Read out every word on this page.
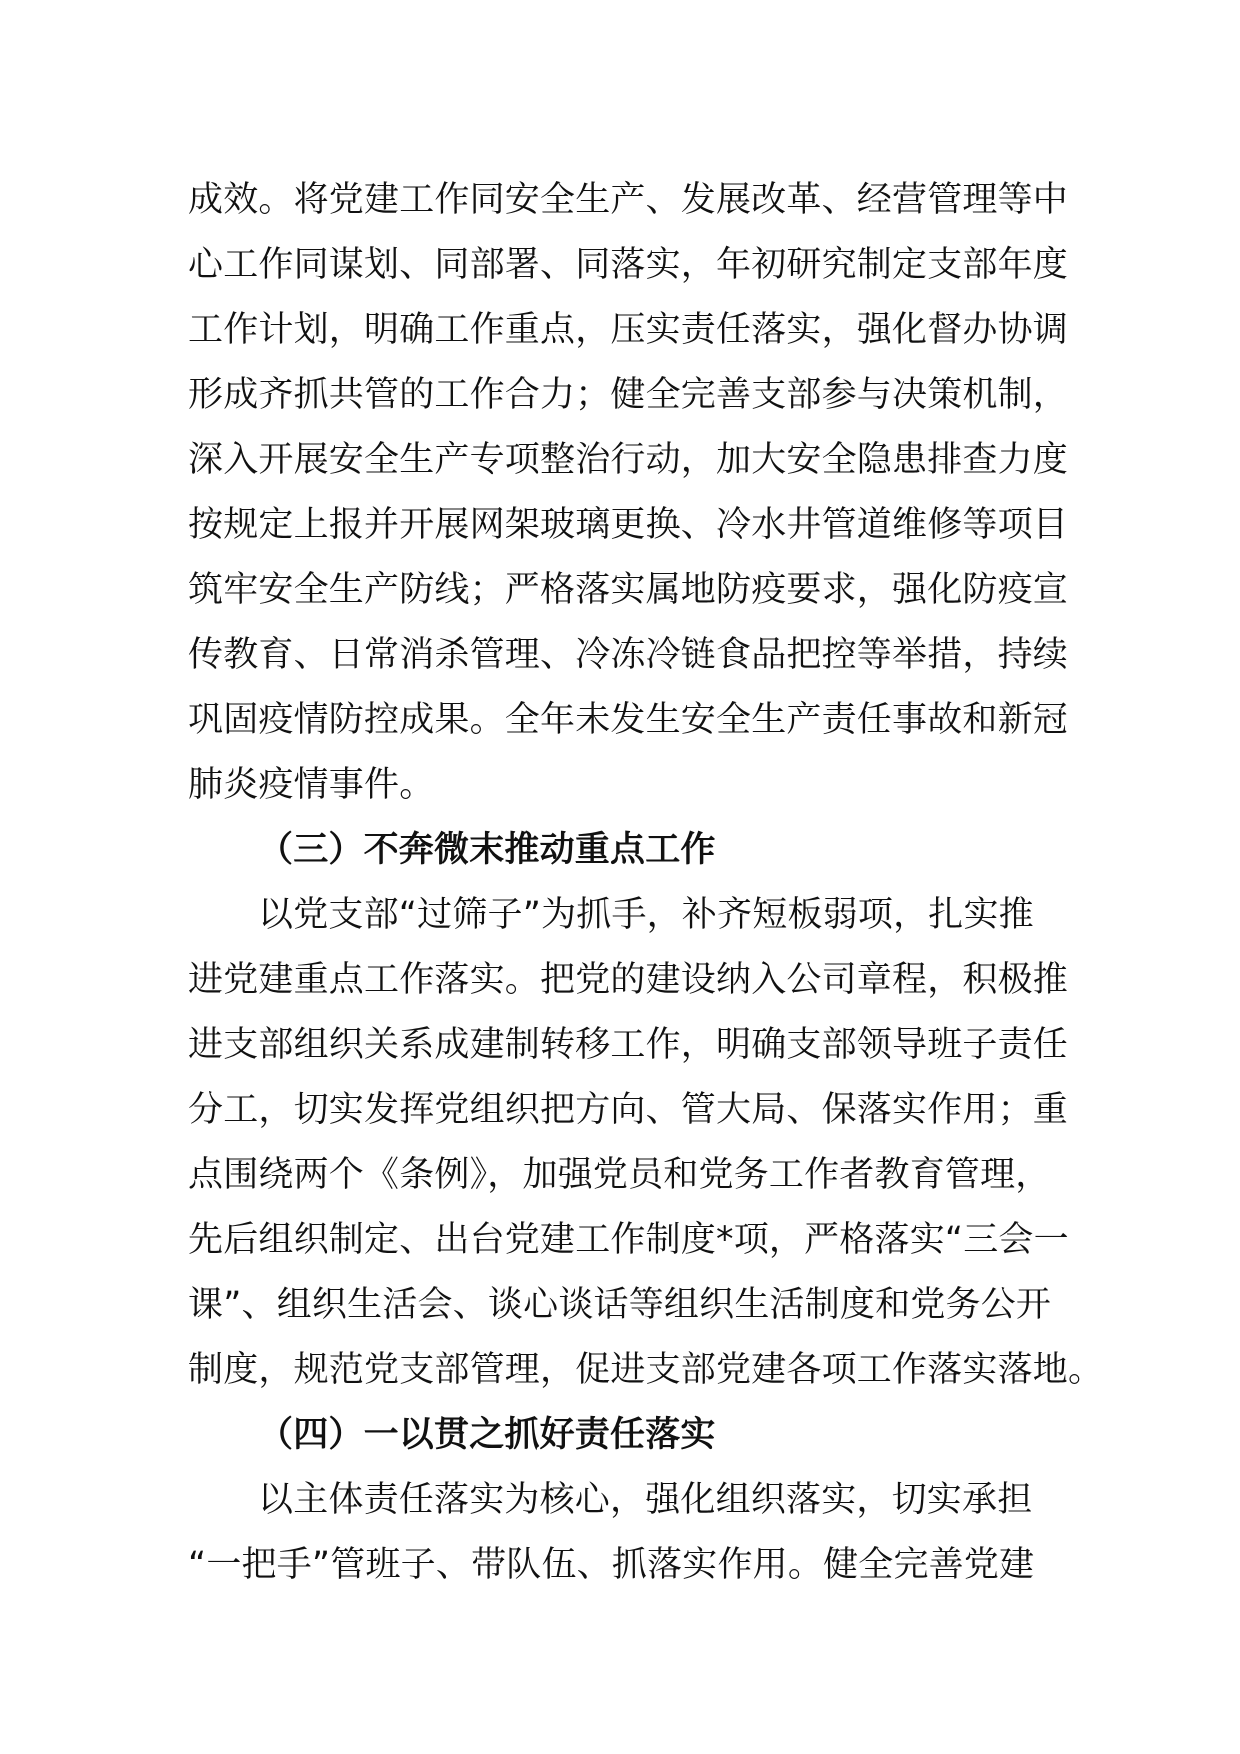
成效。将党建工作同安全生产、发展改革、经营管理等中
心工作同谋划、同部署、同落实，年初研究制定支部年度
工作计划，明确工作重点，压实责任落实，强化督办协调
形成齐抓共管的工作合力；健全完善支部参与决策机制，
深入开展安全生产专项整治行动，加大安全隐患排查力度
按规定上报并开展网架玻璃更换、冷水井管道维修等项目
筑牢安全生产防线；严格落实属地防疫要求，强化防疫宣
传教育、日常消杀管理、冷冻冷链食品把控等举措，持续
巩固疫情防控成果。全年未发生安全生产责任事故和新冠
肺炎疫情事件。
（三）不奔微末推动重点工作
以党支部“过筛子”为抓手，补齐短板弱项，扎实推
进党建重点工作落实。把党的建设纳入公司章程，积极推
进支部组织关系成建制转移工作，明确支部领导班子责任
分工，切实发挥党组织把方向、管大局、保落实作用；重
点围绕两个《条例》，加强党员和党务工作者教育管理，
先后组织制定、出台党建工作制度*项，严格落实“三会一
课”、组织生活会、谈心谈话等组织生活制度和党务公开
制度，规范党支部管理，促进支部党建各项工作落实落地。
（四）一以贯之抓好责任落实
以主体责任落实为核心，强化组织落实，切实承担
“一把手”管班子、带队伍、抓落实作用。健全完善党建
